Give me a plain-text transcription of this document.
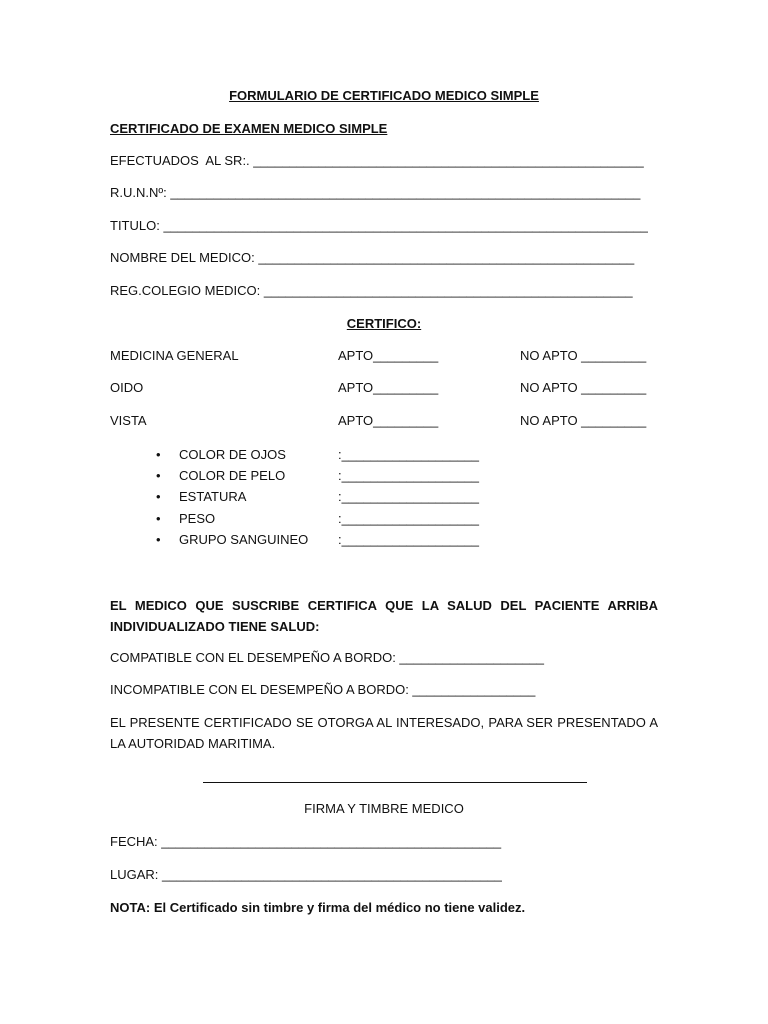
FORMULARIO DE CERTIFICADO MEDICO SIMPLE
CERTIFICADO DE EXAMEN MEDICO SIMPLE
EFECTUADOS  AL SR:. ______________________________________________________
R.U.N.Nº: _________________________________________________________________
TITULO: ___________________________________________________________________
NOMBRE DEL MEDICO: ____________________________________________________
REG.COLEGIO MEDICO: ___________________________________________________
CERTIFICO:
MEDICINA GENERAL	APTO_________	NO APTO _________
OIDO	APTO_________	NO APTO _________
VISTA	APTO_________	NO APTO _________
• COLOR DE OJOS	:___________________
• COLOR DE PELO	:___________________
• ESTATURA	:___________________
• PESO	:___________________
• GRUPO SANGUINEO :___________________
EL MEDICO QUE SUSCRIBE CERTIFICA QUE LA SALUD DEL PACIENTE ARRIBA INDIVIDUALIZADO TIENE SALUD:
COMPATIBLE CON EL DESEMPEÑO A BORDO: ____________________
INCOMPATIBLE CON EL DESEMPEÑO A BORDO: _________________
EL PRESENTE CERTIFICADO SE OTORGA AL INTERESADO, PARA SER PRESENTADO A LA AUTORIDAD MARITIMA.
FIRMA Y TIMBRE MEDICO
FECHA: _______________________________________________
LUGAR: _______________________________________________
NOTA: El Certificado sin timbre y firma del médico no tiene validez.
